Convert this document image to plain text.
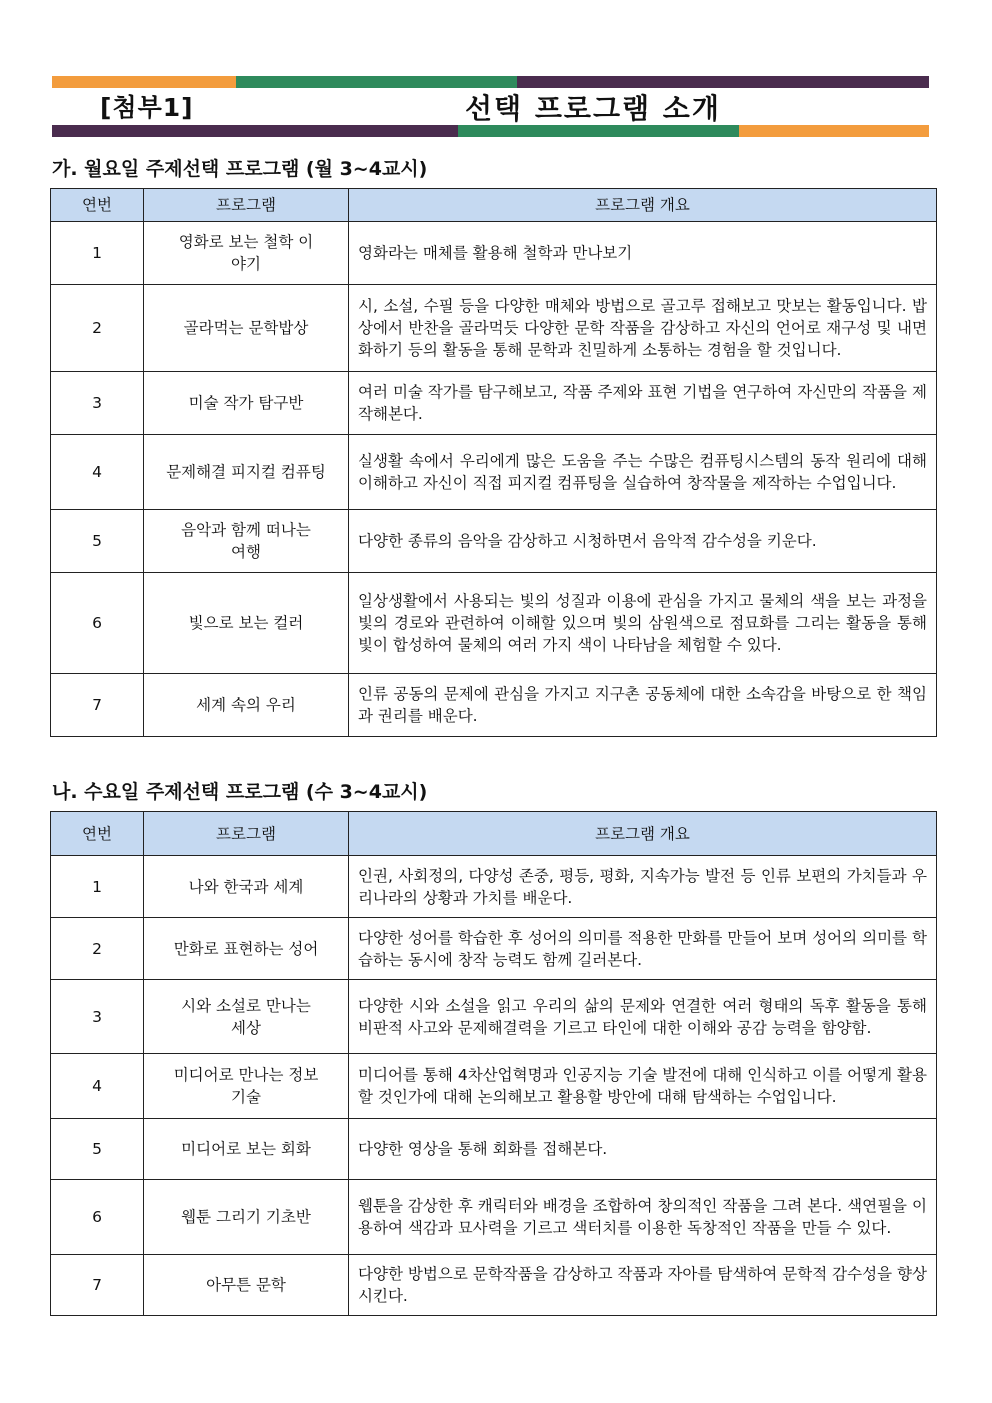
[첨부1]	선택 프로그램 소개
가. 월요일 주제선택 프로그램 (월 3~4교시)
연번	프로그램	프로그램 개요
1	영화로 보는 철학 이야기	영화라는 매체를 활용해 철학과 만나보기
2	골라먹는 문학밥상	시, 소설, 수필 등을 다양한 매체와 방법으로 골고루 접해보고 맛보는 활동입니다. 밥상에서 반찬을 골라먹듯 다양한 문학 작품을 감상하고 자신의 언어로 재구성 및 내면화하기 등의 활동을 통해 문학과 친밀하게 소통하는 경험을 할 것입니다.
3	미술 작가 탐구반	여러 미술 작가를 탐구해보고, 작품 주제와 표현 기법을 연구하여 자신만의 작품을 제작해본다.
4	문제해결 피지컬 컴퓨팅	실생활 속에서 우리에게 많은 도움을 주는 수많은 컴퓨팅시스템의 동작 원리에 대해 이해하고 자신이 직접 피지컬 컴퓨팅을 실습하여 창작물을 제작하는 수업입니다.
5	음악과 함께 떠나는 여행	다양한 종류의 음악을 감상하고 시청하면서 음악적 감수성을 키운다.
6	빛으로 보는 컬러	일상생활에서 사용되는 빛의 성질과 이용에 관심을 가지고 물체의 색을 보는 과정을 빛의 경로와 관련하여 이해할 있으며 빛의 삼원색으로 점묘화를 그리는 활동을 통해 빛이 합성하여 물체의 여러 가지 색이 나타남을 체험할 수 있다.
7	세계 속의 우리	인류 공동의 문제에 관심을 가지고 지구촌 공동체에 대한 소속감을 바탕으로 한 책임과 권리를 배운다.
나. 수요일 주제선택 프로그램 (수 3~4교시)
연번	프로그램	프로그램 개요
1	나와 한국과 세계	인권, 사회정의, 다양성 존중, 평등, 평화, 지속가능 발전 등 인류 보편의 가치들과 우리나라의 상황과 가치를 배운다.
2	만화로 표현하는 성어	다양한 성어를 학습한 후 성어의 의미를 적용한 만화를 만들어 보며 성어의 의미를 학습하는 동시에 창작 능력도 함께 길러본다.
3	시와 소설로 만나는 세상	다양한 시와 소설을 읽고 우리의 삶의 문제와 연결한 여러 형태의 독후 활동을 통해 비판적 사고와 문제해결력을 기르고 타인에 대한 이해와 공감 능력을 함양함.
4	미디어로 만나는 정보기술	미디어를 통해 4차산업혁명과 인공지능 기술 발전에 대해 인식하고 이를 어떻게 활용할 것인가에 대해 논의해보고 활용할 방안에 대해 탐색하는 수업입니다.
5	미디어로 보는 회화	다양한 영상을 통해 회화를 접해본다.
6	웹툰 그리기 기초반	웹툰을 감상한 후 캐릭터와 배경을 조합하여 창의적인 작품을 그려 본다. 색연필을 이용하여 색감과 묘사력을 기르고 색터치를 이용한 독창적인 작품을 만들 수 있다.
7	아무튼 문학	다양한 방법으로 문학작품을 감상하고 작품과 자아를 탐색하여 문학적 감수성을 향상시킨다.
